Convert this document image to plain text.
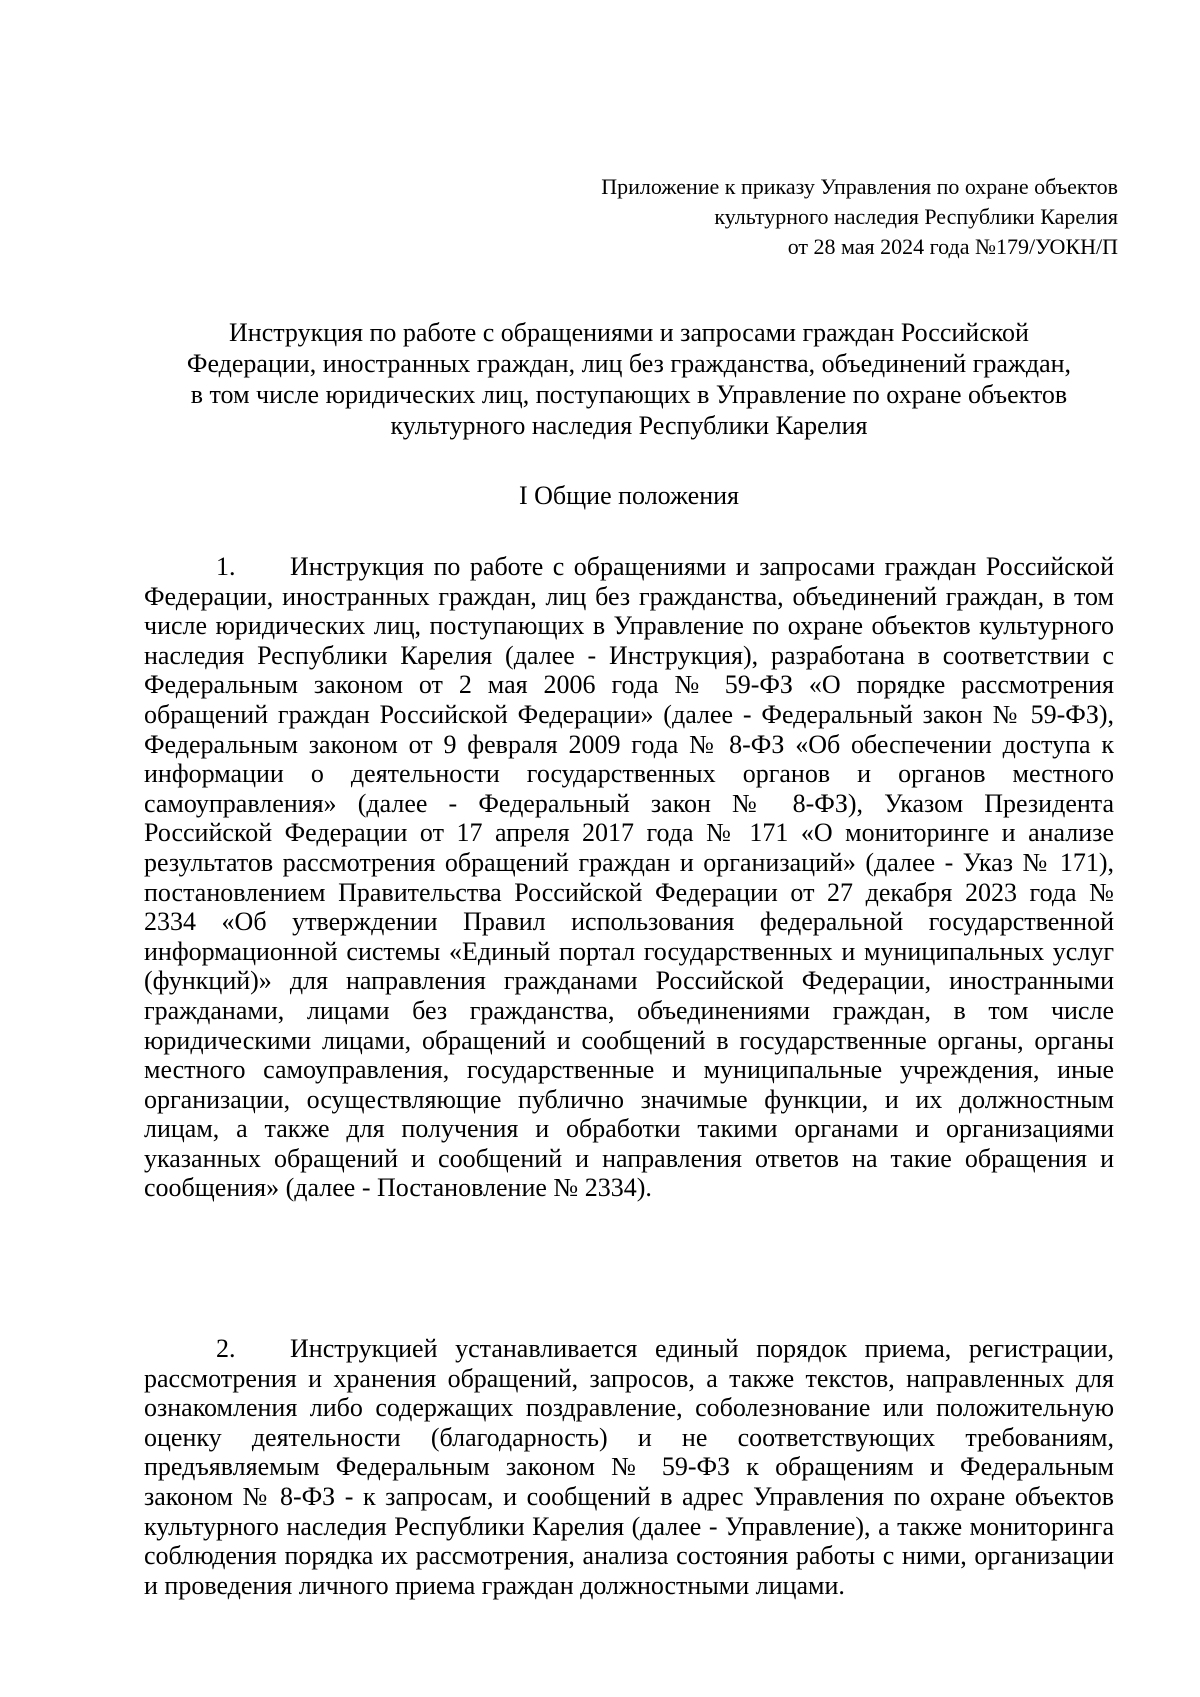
Приложение к приказу Управления по охране объектов
культурного наследия Республики Карелия
от 28 мая 2024 года №179/УОКН/П
Инструкция по работе с обращениями и запросами граждан Российской
Федерации, иностранных граждан, лиц без гражданства, объединений граждан,
в том числе юридических лиц, поступающих в Управление по охране объектов
культурного наследия Республики Карелия
I Общие положения
1. Инструкция по работе с обращениями и запросами граждан Российской Федерации, иностранных граждан, лиц без гражданства, объединений граждан, в том числе юридических лиц, поступающих в Управление по охране объектов культурного наследия Республики Карелия (далее - Инструкция), разработана в соответствии с Федеральным законом от 2 мая 2006 года № 59-ФЗ «О порядке рассмотрения обращений граждан Российской Федерации» (далее - Федеральный закон № 59-ФЗ), Федеральным законом от 9 февраля 2009 года № 8-ФЗ «Об обеспечении доступа к информации о деятельности государственных органов и органов местного самоуправления» (далее - Федеральный закон № 8-ФЗ), Указом Президента Российской Федерации от 17 апреля 2017 года № 171 «О мониторинге и анализе результатов рассмотрения обращений граждан и организаций» (далее - Указ № 171), постановлением Правительства Российской Федерации от 27 декабря 2023 года № 2334 «Об утверждении Правил использования федеральной государственной информационной системы «Единый портал государственных и муниципальных услуг (функций)» для направления гражданами Российской Федерации, иностранными гражданами, лицами без гражданства, объединениями граждан, в том числе юридическими лицами, обращений и сообщений в государственные органы, органы местного самоуправления, государственные и муниципальные учреждения, иные организации, осуществляющие публично значимые функции, и их должностным лицам, а также для получения и обработки такими органами и организациями указанных обращений и сообщений и направления ответов на такие обращения и сообщения» (далее - Постановление № 2334).
2. Инструкцией устанавливается единый порядок приема, регистрации, рассмотрения и хранения обращений, запросов, а также текстов, направленных для ознакомления либо содержащих поздравление, соболезнование или положительную оценку деятельности (благодарность) и не соответствующих требованиям, предъявляемым Федеральным законом № 59-ФЗ к обращениям и Федеральным законом № 8-ФЗ - к запросам, и сообщений в адрес Управления по охране объектов культурного наследия Республики Карелия (далее - Управление), а также мониторинга соблюдения порядка их рассмотрения, анализа состояния работы с ними, организации и проведения личного приема граждан должностными лицами.
